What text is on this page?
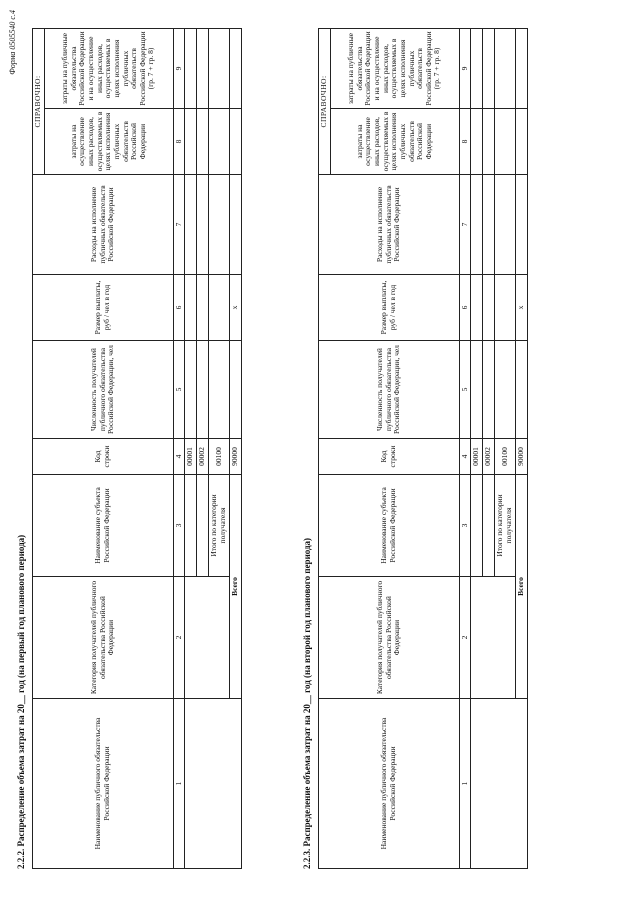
Форма 0505540 с.4
2.2.2. Распределение объема затрат на 20__ год (на первый год планового периода)	Наименование публичного обязательства Российской Федерации	Категория получателей публичного обязательства Российской Федерации	Наименование субъекта Российской Федерации	Код строки	Численность получателей публичного обязательства Российской Федерации, чел	Размер выплаты, руб / чел в год	Расходы на исполнение публичных обязательств Российской Федерации	СПРАВОЧНО:	
							затраты на осуществление иных расходов, осуществляемых в целях исполнения публичных обязательств Российской Федерации	затраты на публичные обязательства Российской Федерации и на осуществление иных расходов, осуществляемых в целях исполнения публичных обязательств Российской Федерации (гр. 7 + гр. 8)
1	2	3	4	5	6	7	8	9
			00001					
			00002					
		Итого по категории получателя	00100					
	Всего		90000		x			
2.2.3. Распределение объема затрат на 20__ год (на второй год планового периода)	Наименование публичного обязательства Российской Федерации	Категория получателей публичного обязательства Российской Федерации	Наименование субъекта Российской Федерации	Код строки	Численность получателей публичного обязательства Российской Федерации, чел	Размер выплаты, руб / чел в год	Расходы на исполнение публичных обязательств Российской Федерации	СПРАВОЧНО:	
							затраты на осуществление иных расходов, осуществляемых в целях исполнения публичных обязательств Российской Федерации	затраты на публичные обязательства Российской Федерации и на осуществление иных расходов, осуществляемых в целях исполнения публичных обязательств Российской Федерации (гр. 7 + гр. 8)
1	2	3	4	5	6	7	8	9
			00001					
			00002					
		Итого по категории получателя	00100					
	Всего		90000		x			
